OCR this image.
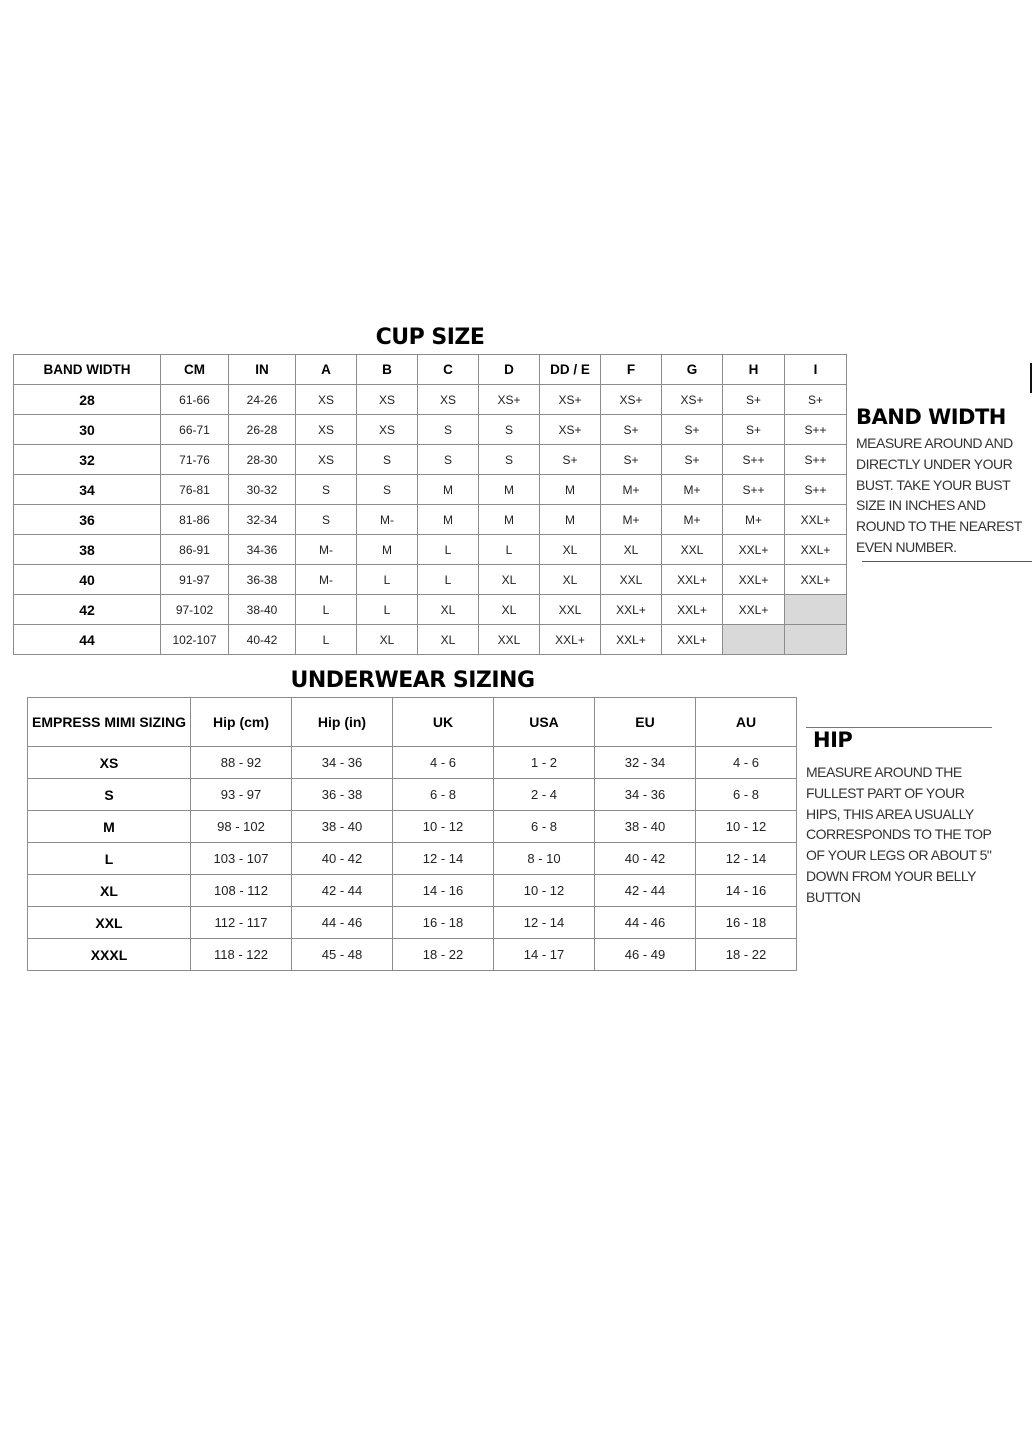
CUP SIZE
BAND WIDTH	CM	IN	A	B	C	D	DD / E	F	G	H	I
28	61-66	24-26	XS	XS	XS	XS+	XS+	XS+	XS+	S+	S+
30	66-71	26-28	XS	XS	S	S	XS+	S+	S+	S+	S++
32	71-76	28-30	XS	S	S	S	S+	S+	S+	S++	S++
34	76-81	30-32	S	S	M	M	M	M+	M+	S++	S++
36	81-86	32-34	S	M-	M	M	M	M+	M+	M+	XXL+
38	86-91	34-36	M-	M	L	L	XL	XL	XXL	XXL+	XXL+
40	91-97	36-38	M-	L	L	XL	XL	XXL	XXL+	XXL+	XXL+
42	97-102	38-40	L	L	XL	XL	XXL	XXL+	XXL+	XXL+	
44	102-107	40-42	L	XL	XL	XXL	XXL+	XXL+	XXL+		
BAND WIDTH
MEASURE AROUND AND DIRECTLY UNDER YOUR BUST. TAKE YOUR BUST SIZE IN INCHES AND ROUND TO THE NEAREST EVEN NUMBER.
UNDERWEAR SIZING
EMPRESS MIMI SIZING	Hip (cm)	Hip (in)	UK	USA	EU	AU
XS	88 - 92	34 - 36	4 - 6	1 - 2	32 - 34	4 - 6
S	93 - 97	36 - 38	6 - 8	2 - 4	34 - 36	6 - 8
M	98 - 102	38 - 40	10 - 12	6 - 8	38 - 40	10 - 12
L	103 - 107	40 - 42	12 - 14	8 - 10	40 - 42	12 - 14
XL	108 - 112	42 - 44	14 - 16	10 - 12	42 - 44	14 - 16
XXL	112 - 117	44 - 46	16 - 18	12 - 14	44 - 46	16 - 18
XXXL	118 - 122	45 - 48	18 - 22	14 - 17	46 - 49	18 - 22
HIP
MEASURE AROUND THE FULLEST PART OF YOUR HIPS, THIS AREA USUALLY CORRESPONDS TO THE TOP OF YOUR LEGS OR ABOUT 5" DOWN FROM YOUR BELLY BUTTON
